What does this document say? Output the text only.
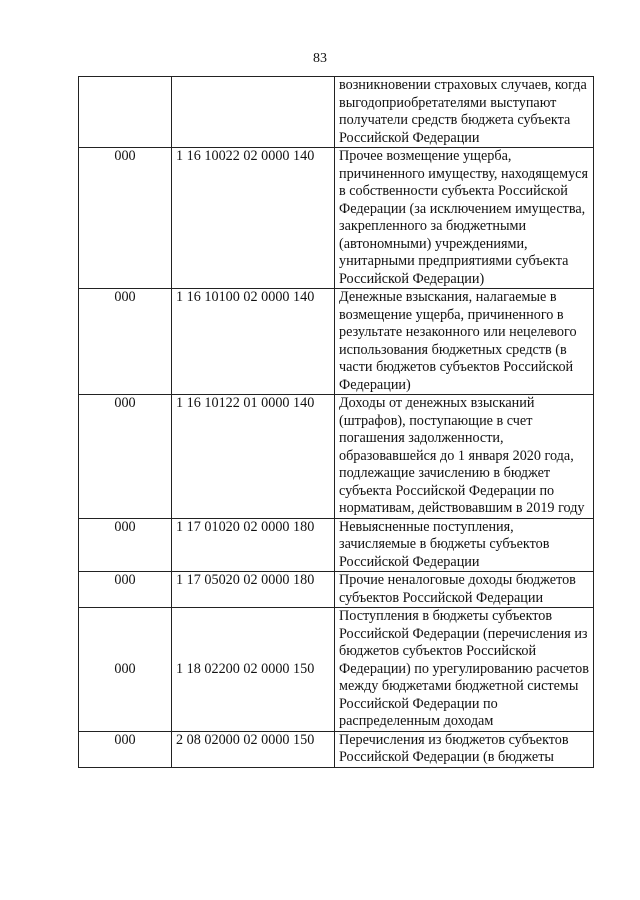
83
		возникновении страховых случаев, когда выгодоприобретателями выступают получатели средств бюджета субъекта Российской Федерации
000	1 16 10022 02 0000 140	Прочее возмещение ущерба, причиненного имуществу, находящемуся в собственности субъекта Российской Федерации (за исключением имущества, закрепленного за бюджетными (автономными) учреждениями, унитарными предприятиями субъекта Российской Федерации)
000	1 16 10100 02 0000 140	Денежные взыскания, налагаемые в возмещение ущерба, причиненного в результате незаконного или нецелевого использования бюджетных средств (в части бюджетов субъектов Российской Федерации)
000	1 16 10122 01 0000 140	Доходы от денежных взысканий (штрафов), поступающие в счет погашения задолженности, образовавшейся до 1 января 2020 года, подлежащие зачислению в бюджет субъекта Российской Федерации по нормативам, действовавшим в 2019 году
000	1 17 01020 02 0000 180	Невыясненные поступления, зачисляемые в бюджеты субъектов Российской Федерации
000	1 17 05020 02 0000 180	Прочие неналоговые доходы бюджетов субъектов Российской Федерации
000	1 18 02200 02 0000 150	Поступления в бюджеты субъектов Российской Федерации (перечисления из бюджетов субъектов Российской Федерации) по урегулированию расчетов между бюджетами бюджетной системы Российской Федерации по распределенным доходам
000	2 08 02000 02 0000 150	Перечисления из бюджетов субъектов Российской Федерации (в бюджеты
